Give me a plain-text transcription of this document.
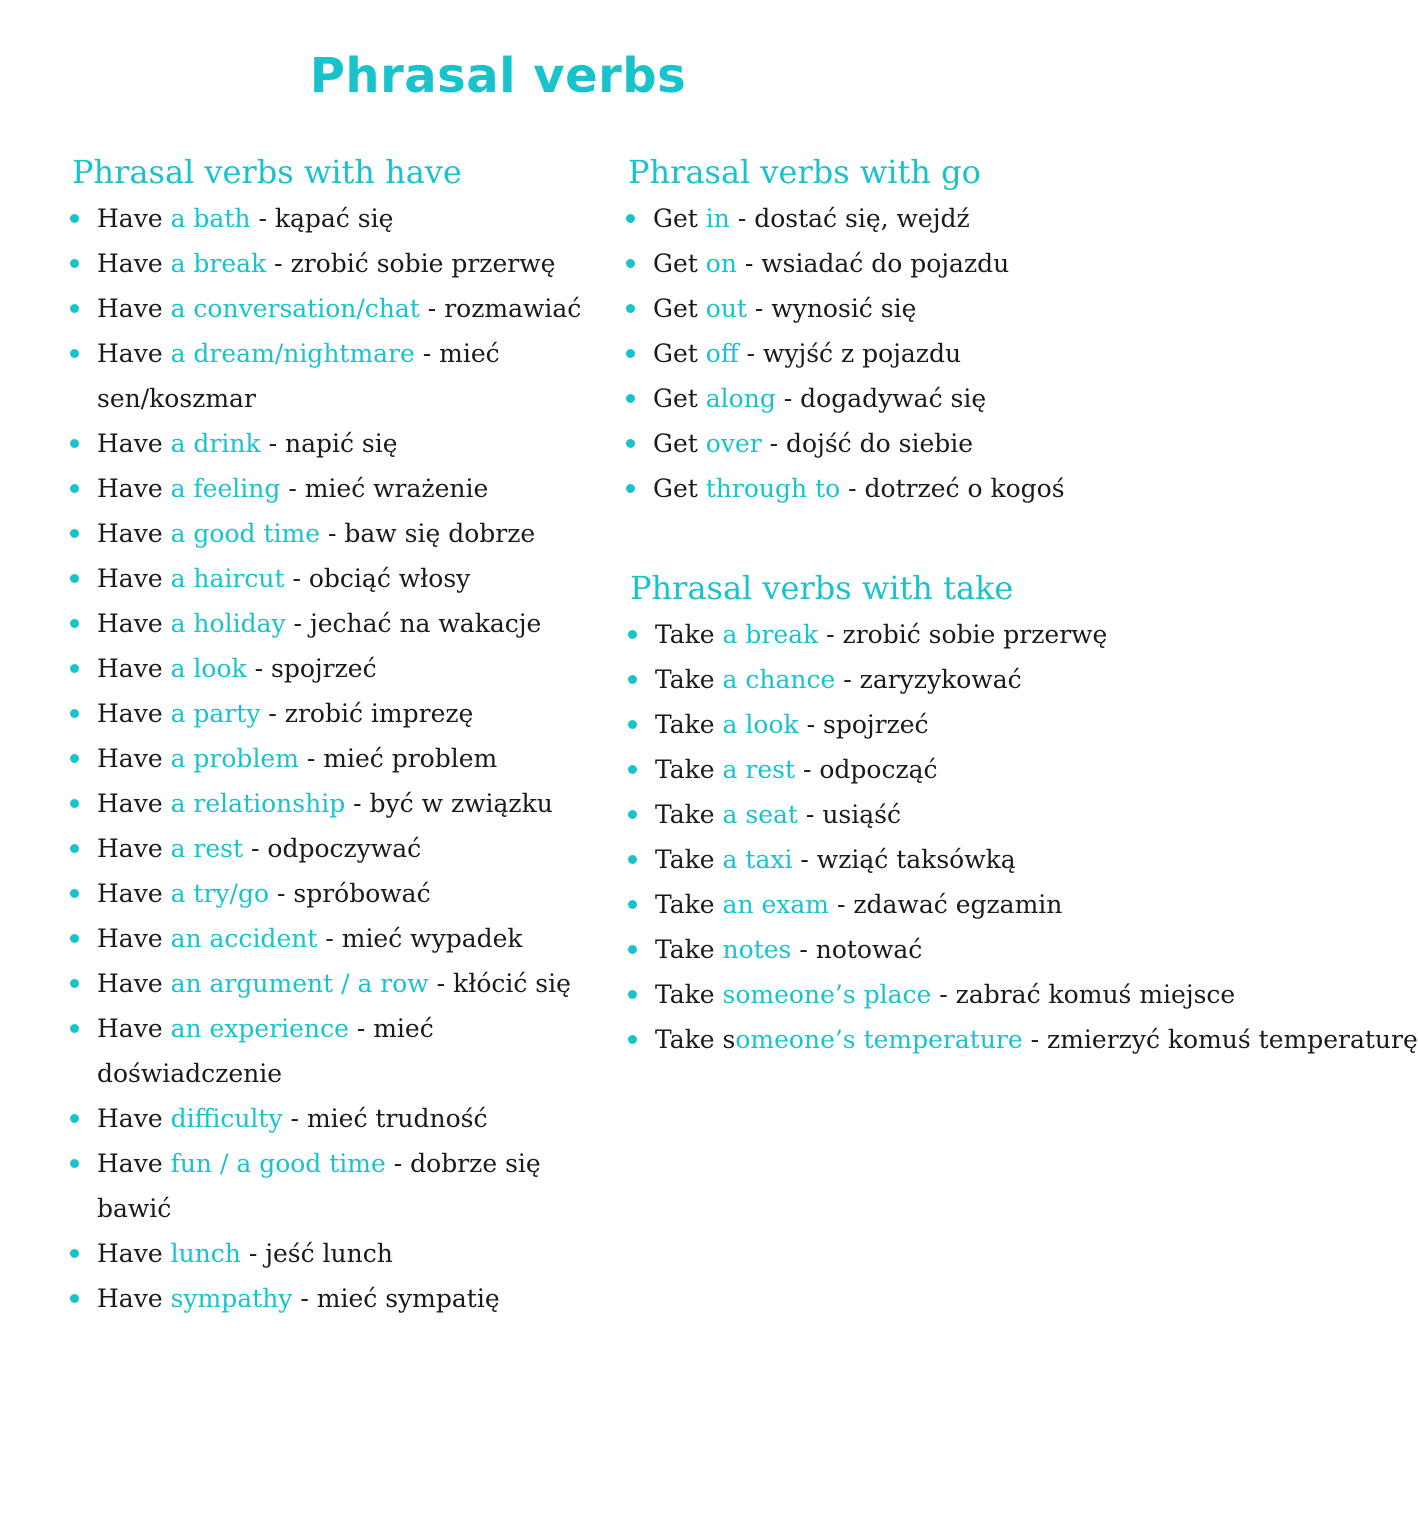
Phrasal verbs
Phrasal verbs with have
Have a bath - kąpać się
Have a break - zrobić sobie przerwę
Have a conversation/chat - rozmawiać
Have a dream/nightmare - mieć sen/koszmar
Have a drink - napić się
Have a feeling - mieć wrażenie
Have a good time - baw się dobrze
Have a haircut - obciąć włosy
Have a holiday - jechać na wakacje
Have a look - spojrzeć
Have a party - zrobić imprezę
Have a problem - mieć problem
Have a relationship - być w związku
Have a rest - odpoczywać
Have a try/go - spróbować
Have an accident - mieć wypadek
Have an argument / a row - kłócić się
Have an experience - mieć doświadczenie
Have difficulty - mieć trudność
Have fun / a good time - dobrze się bawić
Have lunch - jeść lunch
Have sympathy - mieć sympatię
Phrasal verbs with go
Get in - dostać się, wejdź
Get on - wsiadać do pojazdu
Get out - wynosić się
Get off - wyjść z pojazdu
Get along - dogadywać się
Get over - dojść do siebie
Get through to - dotrzeć o kogoś
Phrasal verbs with take
Take a break - zrobić sobie przerwę
Take a chance - zaryzykować
Take a look - spojrzeć
Take a rest - odpocząć
Take a seat - usiąść
Take a taxi - wziąć taksówką
Take an exam - zdawać egzamin
Take notes - notować
Take someone’s place - zabrać komuś miejsce
Take someone’s temperature - zmierzyć komuś temperaturę
